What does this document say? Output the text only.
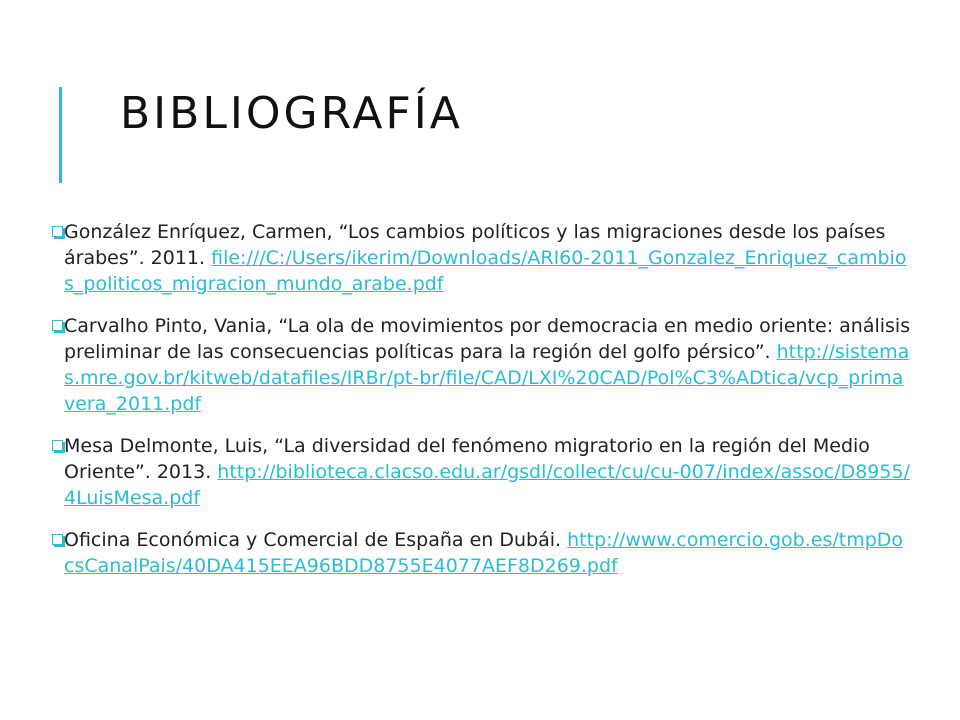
BIBLIOGRAFÍA
González Enríquez, Carmen, “Los cambios políticos y las migraciones desde los países árabes”. 2011. file:///C:/Users/ikerim/Downloads/ARI60-2011_Gonzalez_Enriquez_cambios_politicos_migracion_mundo_arabe.pdf
Carvalho Pinto, Vania, “La ola de movimientos por democracia en medio oriente: análisis preliminar de las consecuencias políticas para la región del golfo pérsico”. http://sistemas.mre.gov.br/kitweb/datafiles/IRBr/pt-br/file/CAD/LXI%20CAD/Pol%C3%ADtica/vcp_primavera_2011.pdf
Mesa Delmonte, Luis, “La diversidad del fenómeno migratorio en la región del Medio Oriente”. 2013. http://biblioteca.clacso.edu.ar/gsdl/collect/cu/cu-007/index/assoc/D8955/4LuisMesa.pdf
Oficina Económica y Comercial de España en Dubái. http://www.comercio.gob.es/tmpDocsCanalPais/40DA415EEA96BDD8755E4077AEF8D269.pdf
